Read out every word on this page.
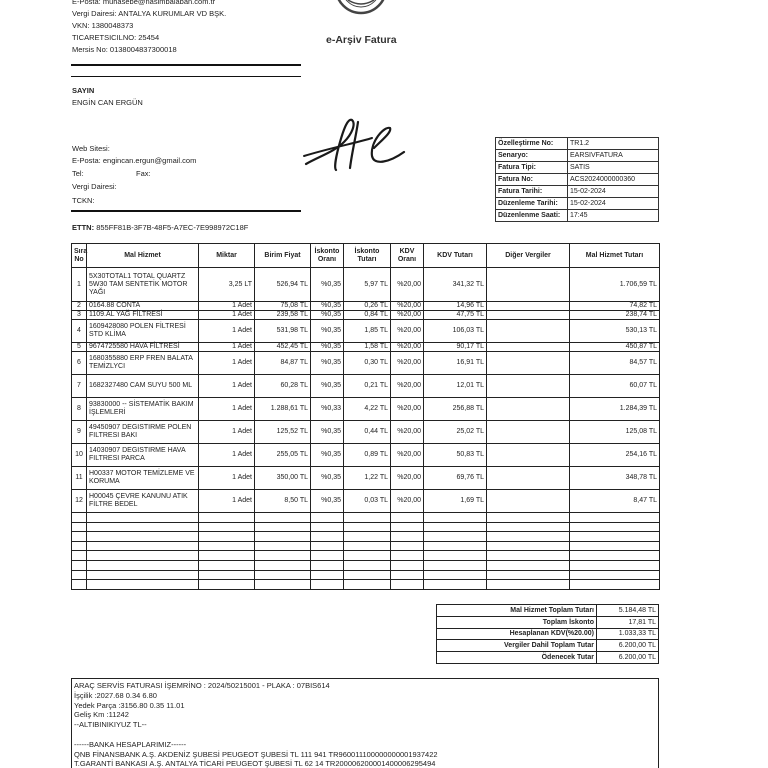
E-Posta: muhasebe@nasimbalaban.com.tr
Vergi Dairesi: ANTALYA KURUMLAR VD BŞK.
VKN: 1380048373
TICARETSICILNO: 25454
Mersis No: 0138004837300018
e-Arşiv Fatura
SAYIN
ENGİN CAN ERGÜN
Web Sitesi:
E-Posta: engincan.ergun@gmail.com
Tel:	Fax:
Vergi Dairesi:
TCKN:
Özelleştirme No:	TR1.2
Senaryo:	EARSIVFATURA
Fatura Tipi:	SATIS
Fatura No:	ACS2024000000360
Fatura Tarihi:	15-02-2024
Düzenleme Tarihi:	15-02-2024
Düzenlenme Saati:	17:45
ETTN: 855FF81B-3F7B-48F5-A7EC-7E998972C18F
Sıra No	Mal Hizmet	Miktar	Birim Fiyat	İskonto Oranı	İskonto Tutarı	KDV Oranı	KDV Tutarı	Diğer Vergiler	Mal Hizmet Tutarı
1	5X30TOTAL1 TOTAL QUARTZ 5W30 TAM SENTETİK MOTOR YAĞI	3,25 LT	526,94 TL	%0,35	5,97 TL	%20,00	341,32 TL		1.706,59 TL
2	0164.88 CONTA	1 Adet	75,08 TL	%0,35	0,26 TL	%20,00	14,96 TL		74,82 TL
3	1109.AL YAĞ FİLTRESİ	1 Adet	239,58 TL	%0,35	0,84 TL	%20,00	47,75 TL		238,74 TL
4	1609428080 POLEN FİLTRESİ STD KLİMA	1 Adet	531,98 TL	%0,35	1,85 TL	%20,00	106,03 TL		530,13 TL
5	9674725580 HAVA FİLTRESİ	1 Adet	452,45 TL	%0,35	1,58 TL	%20,00	90,17 TL		450,87 TL
6	1680355880 ERP FREN BALATA TEMİZLYCI	1 Adet	84,87 TL	%0,35	0,30 TL	%20,00	16,91 TL		84,57 TL
7	1682327480 CAM SUYU 500 ML	1 Adet	60,28 TL	%0,35	0,21 TL	%20,00	12,01 TL		60,07 TL
8	93830000 -- SİSTEMATİK BAKIM İŞLEMLERİ	1 Adet	1.288,61 TL	%0,33	4,22 TL	%20,00	256,88 TL		1.284,39 TL
9	49450907 DEGISTIRME POLEN FILTRESI BAKI	1 Adet	125,52 TL	%0,35	0,44 TL	%20,00	25,02 TL		125,08 TL
10	14030907 DEGISTIRME HAVA FILTRESI PARCA	1 Adet	255,05 TL	%0,35	0,89 TL	%20,00	50,83 TL		254,16 TL
11	H00337 MOTOR TEMİZLEME VE KORUMA	1 Adet	350,00 TL	%0,35	1,22 TL	%20,00	69,76 TL		348,78 TL
12	H00045 ÇEVRE KANUNU ATIK FİLTRE BEDEL	1 Adet	8,50 TL	%0,35	0,03 TL	%20,00	1,69 TL		8,47 TL

Mal Hizmet Toplam Tutarı	5.184,48 TL
Toplam İskonto	17,81 TL
Hesaplanan KDV(%20.00)	1.033,33 TL
Vergiler Dahil Toplam Tutar	6.200,00 TL
Ödenecek Tutar	6.200,00 TL
ARAÇ SERVİS FATURASI İŞEMRİNO : 2024/50215001 - PLAKA : 07BIS614
İşçilik :2027.68 0.34 6.80
Yedek Parça :3156.80 0.35 11.01
Geliş Km :11242
--ALTIBINIKIYUZ TL--

------BANKA HESAPLARIMIZ------
QNB FİNANSBANK A.Ş. AKDENİZ ŞUBESİ PEUGEOT ŞUBESİ TL 111 941 TR960011100000000001937422
T.GARANTİ BANKASI A.Ş. ANTALYA TİCARİ PEUGEOT ŞUBESİ TL 62 14 TR200006200001400006295494
